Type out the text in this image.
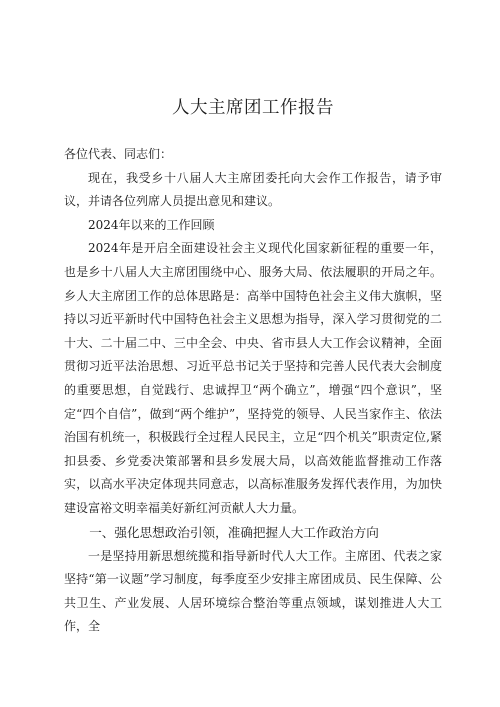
人大主席团工作报告

各位代表、同志们：

现在，我受乡十八届人大主席团委托向大会作工作报告，请予审议，并请各位列席人员提出意见和建议。

2024年以来的工作回顾

2024年是开启全面建设社会主义现代化国家新征程的重要一年，也是乡十八届人大主席团围绕中心、服务大局、依法履职的开局之年。乡人大主席团工作的总体思路是：高举中国特色社会主义伟大旗帜，坚持以习近平新时代中国特色社会主义思想为指导，深入学习贯彻党的二十大、二十届二中、三中全会、中央、省市县人大工作会议精神，全面贯彻习近平法治思想、习近平总书记关于坚持和完善人民代表大会制度的重要思想，自觉践行、忠诚捍卫“两个确立”，增强“四个意识”，坚定“四个自信”，做到“两个维护”，坚持党的领导、人民当家作主、依法治国有机统一，积极践行全过程人民民主，立足“四个机关”职责定位,紧扣县委、乡党委决策部署和县乡发展大局，以高效能监督推动工作落实，以高水平决定体现共同意志，以高标准服务发挥代表作用，为加快建设富裕文明幸福美好新红河贡献人大力量。

一、强化思想政治引领，准确把握人大工作政治方向

一是坚持用新思想统揽和指导新时代人大工作。主席团、代表之家坚持“第一议题”学习制度，每季度至少安排主席团成员、民生保障、公共卫生、产业发展、人居环境综合整治等重点领域，谋划推进人大工作，全
